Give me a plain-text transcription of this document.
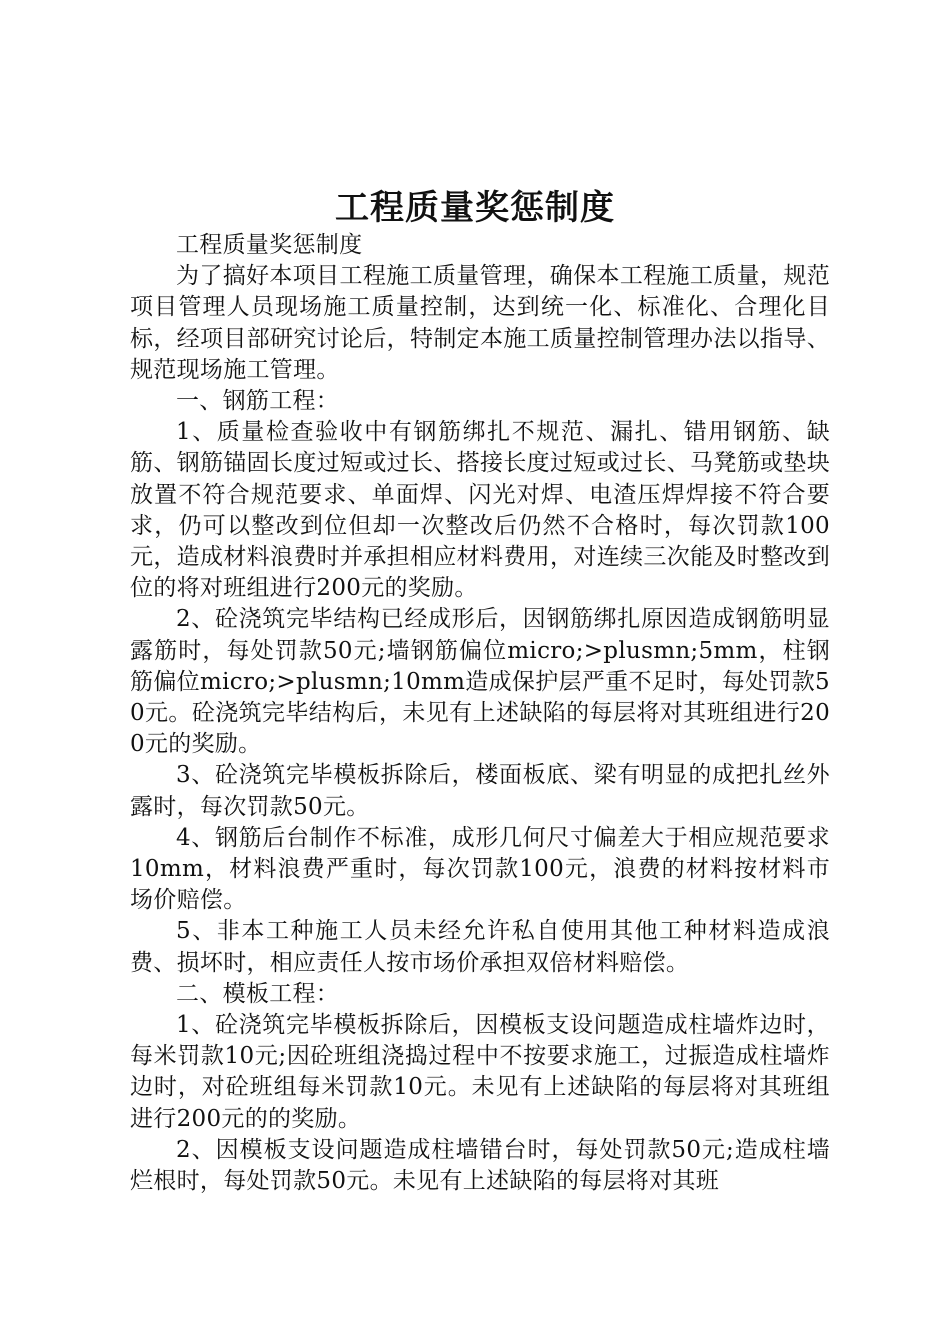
工程质量奖惩制度

工程质量奖惩制度

为了搞好本项目工程施工质量管理，确保本工程施工质量，规范项目管理人员现场施工质量控制，达到统一化、标准化、合理化目标，经项目部研究讨论后，特制定本施工质量控制管理办法以指导、规范现场施工管理。

一、钢筋工程：

1、质量检查验收中有钢筋绑扎不规范、漏扎、错用钢筋、缺筋、钢筋锚固长度过短或过长、搭接长度过短或过长、马凳筋或垫块放置不符合规范要求、单面焊、闪光对焊、电渣压焊焊接不符合要求，仍可以整改到位但却一次整改后仍然不合格时，每次罚款100元，造成材料浪费时并承担相应材料费用，对连续三次能及时整改到位的将对班组进行200元的奖励。

2、砼浇筑完毕结构已经成形后，因钢筋绑扎原因造成钢筋明显露筋时，每处罚款50元;墙钢筋偏位micro;>plusmn;5mm，柱钢筋偏位micro;>plusmn;10mm造成保护层严重不足时，每处罚款50元。砼浇筑完毕结构后，未见有上述缺陷的每层将对其班组进行200元的奖励。

3、砼浇筑完毕模板拆除后，楼面板底、梁有明显的成把扎丝外露时，每次罚款50元。

4、钢筋后台制作不标准，成形几何尺寸偏差大于相应规范要求10mm，材料浪费严重时，每次罚款100元，浪费的材料按材料市场价赔偿。

5、非本工种施工人员未经允许私自使用其他工种材料造成浪费、损坏时，相应责任人按市场价承担双倍材料赔偿。

二、模板工程：

1、砼浇筑完毕模板拆除后，因模板支设问题造成柱墙炸边时，每米罚款10元;因砼班组浇捣过程中不按要求施工，过振造成柱墙炸边时，对砼班组每米罚款10元。未见有上述缺陷的每层将对其班组进行200元的的奖励。

2、因模板支设问题造成柱墙错台时，每处罚款50元;造成柱墙烂根时，每处罚款50元。未见有上述缺陷的每层将对其班
